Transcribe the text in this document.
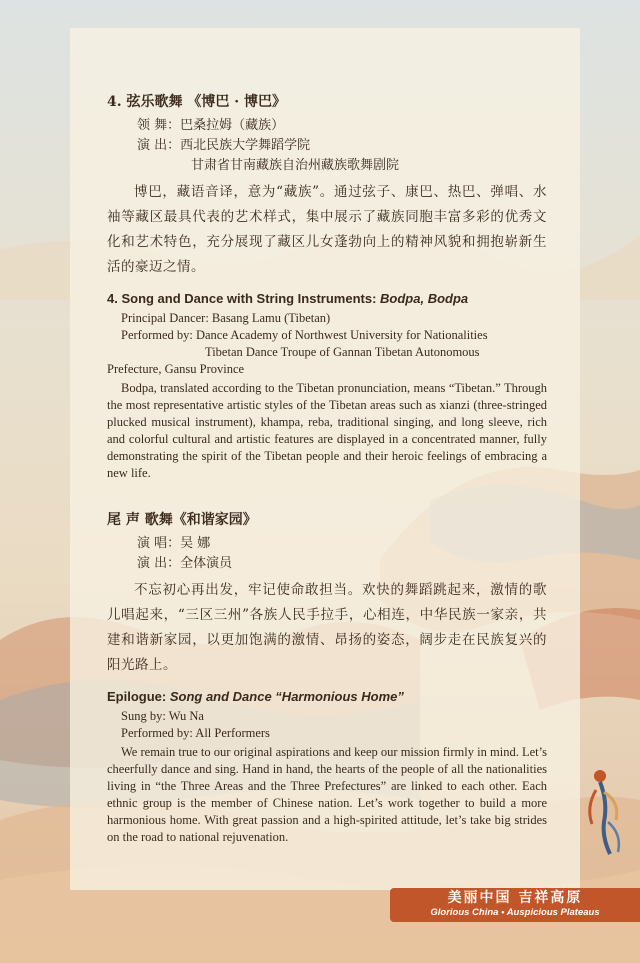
4. 弦乐歌舞 《博巴 · 博巴》

领 舞：巴桑拉姆（藏族）

演 出：西北民族大学舞蹈学院

甘肃省甘南藏族自治州藏族歌舞剧院

博巴，藏语音译，意为“藏族”。通过弦子、康巴、热巴、弹唱、水袖等藏区最具代表的艺术样式，集中展示了藏族同胞丰富多彩的优秀文化和艺术特色，充分展现了藏区儿女蓬勃向上的精神风貌和拥抱崭新生活的豪迈之情。

4. Song and Dance with String Instruments: Bodpa, Bodpa

Principal Dancer: Basang Lamu (Tibetan)

Performed by: Dance Academy of Northwest University for Nationalities

Tibetan Dance Troupe of Gannan Tibetan Autonomous

Prefecture, Gansu Province

Bodpa, translated according to the Tibetan pronunciation, means “Tibetan.” Through the most representative artistic styles of the Tibetan areas such as xianzi (three-stringed plucked musical instrument), khampa, reba, traditional singing, and long sleeve, rich and colorful cultural and artistic features are displayed in a concentrated manner, fully demonstrating the spirit of the Tibetan people and their heroic feelings of embracing a new life.

尾 声 歌舞《和谐家园》

演 唱：吴 娜

演 出：全体演员

不忘初心再出发，牢记使命敢担当。欢快的舞蹈跳起来，激情的歌儿唱起来，“三区三州”各族人民手拉手，心相连，中华民族一家亲，共建和谐新家园，以更加饱满的激情、昂扬的姿态，阔步走在民族复兴的阳光路上。

Epilogue: Song and Dance “Harmonious Home”

Sung by: Wu Na

Performed by: All Performers

We remain true to our original aspirations and keep our mission firmly in mind. Let’s cheerfully dance and sing. Hand in hand, the hearts of the people of all the nationalities living in “the Three Areas and the Three Prefectures” are linked to each other. Each ethnic group is the member of Chinese nation. Let’s work together to build a more harmonious home. With great passion and a high-spirited attitude, let’s take big strides on the road to national rejuvenation.

美丽中国 吉祥高原
Glorious China • Auspicious Plateaus
